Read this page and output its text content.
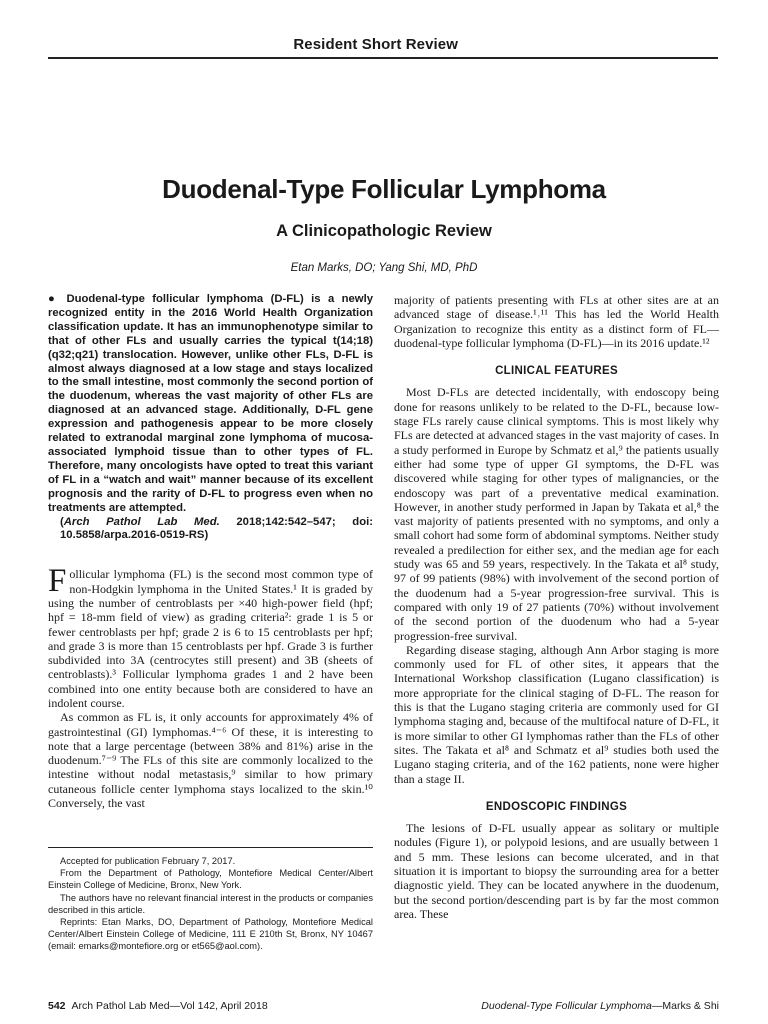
Resident Short Review
Duodenal-Type Follicular Lymphoma
A Clinicopathologic Review
Etan Marks, DO; Yang Shi, MD, PhD

● Duodenal-type follicular lymphoma (D-FL) is a newly recognized entity in the 2016 World Health Organization classification update. It has an immunophenotype similar to that of other FLs and usually carries the typical t(14;18)(q32;q21) translocation. However, unlike other FLs, D-FL is almost always diagnosed at a low stage and stays localized to the small intestine, most commonly the second portion of the duodenum, whereas the vast majority of other FLs are diagnosed at an advanced stage. Additionally, D-FL gene expression and pathogenesis appear to be more closely related to extranodal marginal zone lymphoma of mucosa-associated lymphoid tissue than to other types of FL. Therefore, many oncologists have opted to treat this variant of FL in a “watch and wait” manner because of its excellent prognosis and the rarity of D-FL to progress even when no treatments are attempted.

(Arch Pathol Lab Med. 2018;142:542–547; doi: 10.5858/arpa.2016-0519-RS)

Follicular lymphoma (FL) is the second most common type of non-Hodgkin lymphoma in the United States.¹ It is graded by using the number of centroblasts per ×40 high-power field (hpf; hpf = 18-mm field of view) as grading criteria²: grade 1 is 5 or fewer centroblasts per hpf; grade 2 is 6 to 15 centroblasts per hpf; and grade 3 is more than 15 centroblasts per hpf. Grade 3 is further subdivided into 3A (centrocytes still present) and 3B (sheets of centroblasts).³ Follicular lymphoma grades 1 and 2 have been combined into one entity because both are considered to have an indolent course.

As common as FL is, it only accounts for approximately 4% of gastrointestinal (GI) lymphomas.⁴⁻⁶ Of these, it is interesting to note that a large percentage (between 38% and 81%) arise in the duodenum.⁷⁻⁹ The FLs of this site are commonly localized to the intestine without nodal metastasis,⁹ similar to how primary cutaneous follicle center lymphoma stays localized to the skin.¹⁰ Conversely, the vast

Accepted for publication February 7, 2017.

From the Department of Pathology, Montefiore Medical Center/Albert Einstein College of Medicine, Bronx, New York.

The authors have no relevant financial interest in the products or companies described in this article.

Reprints: Etan Marks, DO, Department of Pathology, Montefiore Medical Center/Albert Einstein College of Medicine, 111 E 210th St, Bronx, NY 10467 (email: emarks@montefiore.org or et565@aol.com).

majority of patients presenting with FLs at other sites are at an advanced stage of disease.¹˒¹¹ This has led the World Health Organization to recognize this entity as a distinct form of FL—duodenal-type follicular lymphoma (D-FL)—in its 2016 update.¹²

CLINICAL FEATURES

Most D-FLs are detected incidentally, with endoscopy being done for reasons unlikely to be related to the D-FL, because low-stage FLs rarely cause clinical symptoms. This is most likely why FLs are detected at advanced stages in the vast majority of cases. In a study performed in Europe by Schmatz et al,⁹ the patients usually either had some type of upper GI symptoms, the D-FL was discovered while staging for other types of malignancies, or the endoscopy was part of a preventative medical examination. However, in another study performed in Japan by Takata et al,⁸ the vast majority of patients presented with no symptoms, and only a small cohort had some form of abdominal symptoms. Neither study revealed a predilection for either sex, and the median age for each study was 65 and 59 years, respectively. In the Takata et al⁸ study, 97 of 99 patients (98%) with involvement of the second portion of the duodenum had a 5-year progression-free survival. This is compared with only 19 of 27 patients (70%) without involvement of the second portion of the duodenum who had a 5-year progression-free survival.

Regarding disease staging, although Ann Arbor staging is more commonly used for FL of other sites, it appears that the International Workshop classification (Lugano classification) is more appropriate for the clinical staging of D-FL. The reason for this is that the Lugano staging criteria are commonly used for GI lymphoma staging and, because of the multifocal nature of D-FL, it is more similar to other GI lymphomas rather than the FLs of other sites. The Takata et al⁸ and Schmatz et al⁹ studies both used the Lugano staging criteria, and of the 162 patients, none were higher than a stage II.

ENDOSCOPIC FINDINGS

The lesions of D-FL usually appear as solitary or multiple nodules (Figure 1), or polypoid lesions, and are usually between 1 and 5 mm. These lesions can become ulcerated, and in that situation it is important to biopsy the surrounding area for a better diagnostic yield. They can be located anywhere in the duodenum, but the second portion/descending part is by far the most common area. These

542 Arch Pathol Lab Med—Vol 142, April 2018	Duodenal-Type Follicular Lymphoma—Marks & Shi
